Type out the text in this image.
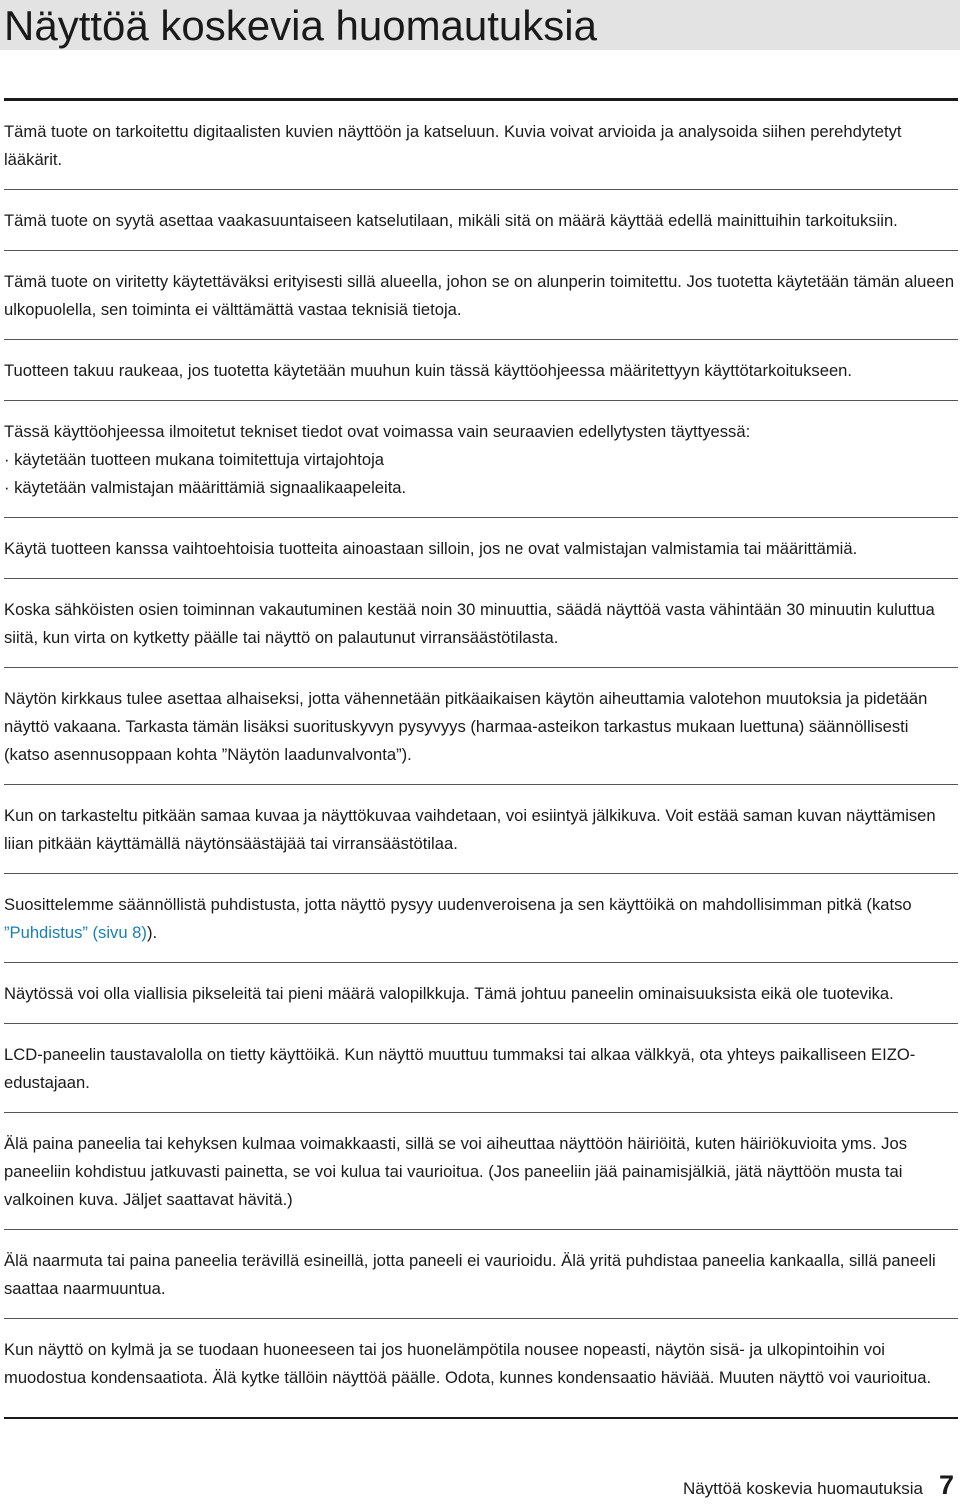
Näyttöä koskevia huomautuksia

Tämä tuote on tarkoitettu digitaalisten kuvien näyttöön ja katseluun. Kuvia voivat arvioida ja analysoida siihen perehdytetyt lääkärit.

Tämä tuote on syytä asettaa vaakasuuntaiseen katselutilaan, mikäli sitä on määrä käyttää edellä mainittuihin tarkoituksiin.

Tämä tuote on viritetty käytettäväksi erityisesti sillä alueella, johon se on alunperin toimitettu. Jos tuotetta käytetään tämän alueen ulkopuolella, sen toiminta ei välttämättä vastaa teknisiä tietoja.

Tuotteen takuu raukeaa, jos tuotetta käytetään muuhun kuin tässä käyttöohjeessa määritettyyn käyttötarkoitukseen.

Tässä käyttöohjeessa ilmoitetut tekniset tiedot ovat voimassa vain seuraavien edellytysten täyttyessä:
· käytetään tuotteen mukana toimitettuja virtajohtoja
· käytetään valmistajan määrittämiä signaalikaapeleita.

Käytä tuotteen kanssa vaihtoehtoisia tuotteita ainoastaan silloin, jos ne ovat valmistajan valmistamia tai määrittämiä.

Koska sähköisten osien toiminnan vakautuminen kestää noin 30 minuuttia, säädä näyttöä vasta vähintään 30 minuutin kuluttua siitä, kun virta on kytketty päälle tai näyttö on palautunut virransäästötilasta.

Näytön kirkkaus tulee asettaa alhaiseksi, jotta vähennetään pitkäaikaisen käytön aiheuttamia valotehon muutoksia ja pidetään näyttö vakaana. Tarkasta tämän lisäksi suorituskyvyn pysyvyys (harmaa-asteikon tarkastus mukaan luettuna) säännöllisesti (katso asennusoppaan kohta ”Näytön laadunvalvonta”).

Kun on tarkasteltu pitkään samaa kuvaa ja näyttökuvaa vaihdetaan, voi esiintyä jälkikuva. Voit estää saman kuvan näyttämisen liian pitkään käyttämällä näytönsäästäjää tai virransäästötilaa.

Suosittelemme säännöllistä puhdistusta, jotta näyttö pysyy uudenveroisena ja sen käyttöikä on mahdollisimman pitkä (katso ”Puhdistus” (sivu 8)).

Näytössä voi olla viallisia pikseleitä tai pieni määrä valopilkkuja. Tämä johtuu paneelin ominaisuuksista eikä ole tuotevika.

LCD-paneelin taustavalolla on tietty käyttöikä. Kun näyttö muuttuu tummaksi tai alkaa välkkyä, ota yhteys paikalliseen EIZO-edustajaan.

Älä paina paneelia tai kehyksen kulmaa voimakkaasti, sillä se voi aiheuttaa näyttöön häiriöitä, kuten häiriökuvioita yms. Jos paneeliin kohdistuu jatkuvasti painetta, se voi kulua tai vaurioitua. (Jos paneeliin jää painamisjälkiä, jätä näyttöön musta tai valkoinen kuva. Jäljet saattavat hävitä.)

Älä naarmuta tai paina paneelia terävillä esineillä, jotta paneeli ei vaurioidu. Älä yritä puhdistaa paneelia kankaalla, sillä paneeli saattaa naarmuuntua.

Kun näyttö on kylmä ja se tuodaan huoneeseen tai jos huonelämpötila nousee nopeasti, näytön sisä- ja ulkopintoihin voi muodostua kondensaatiota. Älä kytke tällöin näyttöä päälle. Odota, kunnes kondensaatio häviää. Muuten näyttö voi vaurioitua.

Näyttöä koskevia huomautuksia 7
